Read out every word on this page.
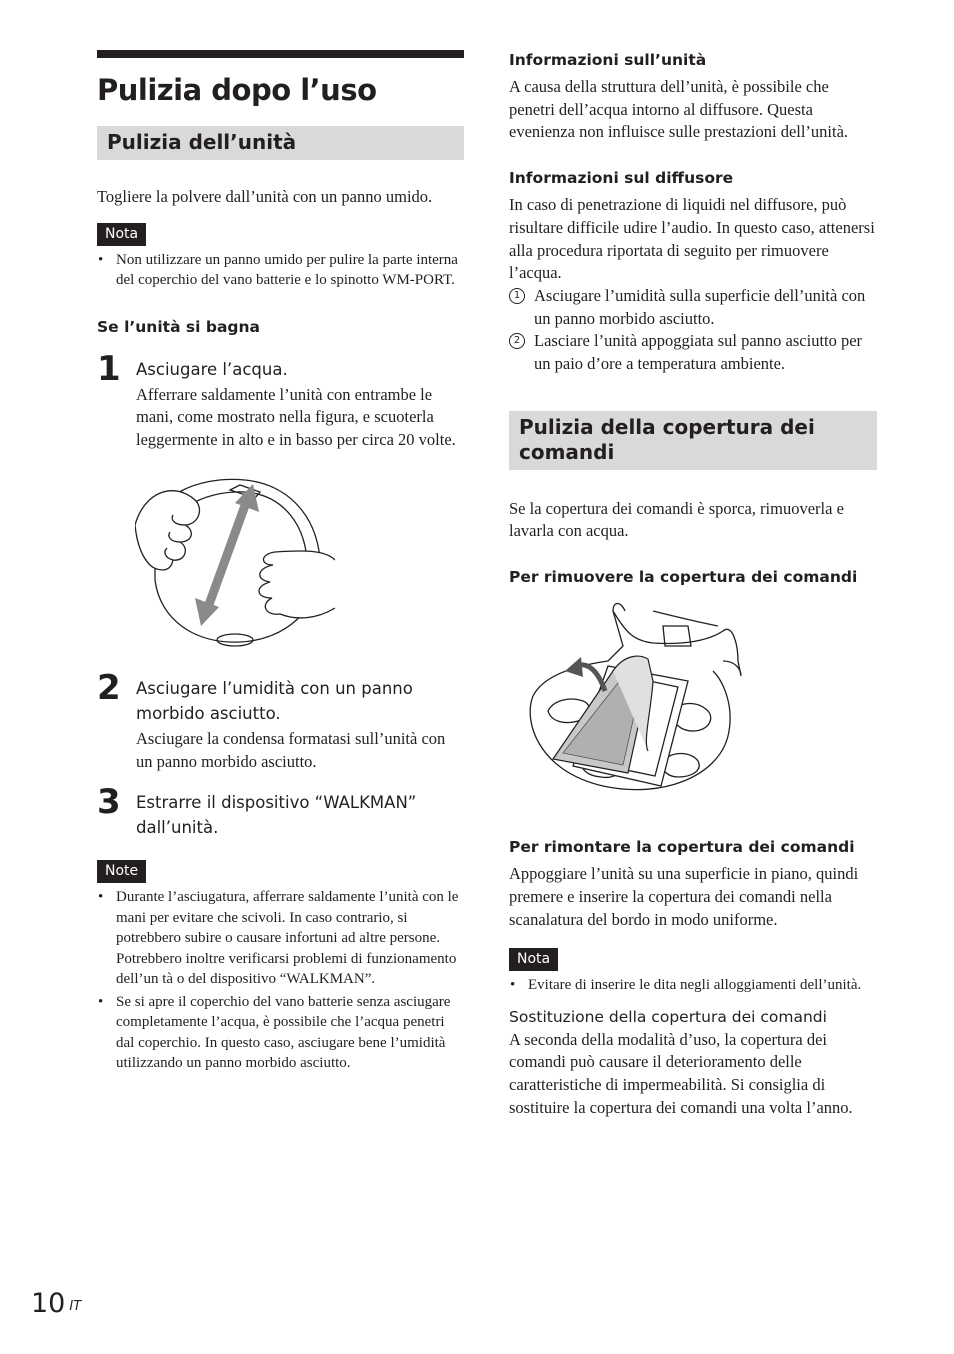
Pulizia dopo l’uso
Pulizia dell’unità
Togliere la polvere dall’unità con un panno umido.
Nota
• Non utilizzare un panno umido per pulire la parte interna del coperchio del vano batterie e lo spinotto WM-PORT.
Se l’unità si bagna
1 Asciugare l’acqua.
Afferrare saldamente l’unità con entrambe le mani, come mostrato nella figura, e scuoterla leggermente in alto e in basso per circa 20 volte.
2 Asciugare l’umidità con un panno morbido asciutto.
Asciugare la condensa formatasi sull’unità con un panno morbido asciutto.
3 Estrarre il dispositivo “WALKMAN” dall’unità.
Note
• Durante l’asciugatura, afferrare saldamente l’unità con le mani per evitare che scivoli. In caso contrario, si potrebbero subire o causare infortuni ad altre persone. Potrebbero inoltre verificarsi problemi di funzionamento dell’un tà o del dispositivo “WALKMAN”.
• Se si apre il coperchio del vano batterie senza asciugare completamente l’acqua, è possibile che l’acqua penetri dal coperchio. In questo caso, asciugare bene l’umidità utilizzando un panno morbido asciutto.
Informazioni sull’unità
A causa della struttura dell’unità, è possibile che penetri dell’acqua intorno al diffusore. Questa evenienza non influisce sulle prestazioni dell’unità.
Informazioni sul diffusore
In caso di penetrazione di liquidi nel diffusore, può risultare difficile udire l’audio. In questo caso, attenersi alla procedura riportata di seguito per rimuovere l’acqua.
1 Asciugare l’umidità sulla superficie dell’unità con un panno morbido asciutto.
2 Lasciare l’unità appoggiata sul panno asciutto per un paio d’ore a temperatura ambiente.
Pulizia della copertura dei comandi
Se la copertura dei comandi è sporca, rimuoverla e lavarla con acqua.
Per rimuovere la copertura dei comandi
Per rimontare la copertura dei comandi
Appoggiare l’unità su una superficie in piano, quindi premere e inserire la copertura dei comandi nella scanalatura del bordo in modo uniforme.
Nota
• Evitare di inserire le dita negli alloggiamenti dell’unità.
Sostituzione della copertura dei comandi
A seconda della modalità d’uso, la copertura dei comandi può causare il deterioramento delle caratteristiche di impermeabilità. Si consiglia di sostituire la copertura dei comandi una volta l’anno.
10 $^{IT}$
